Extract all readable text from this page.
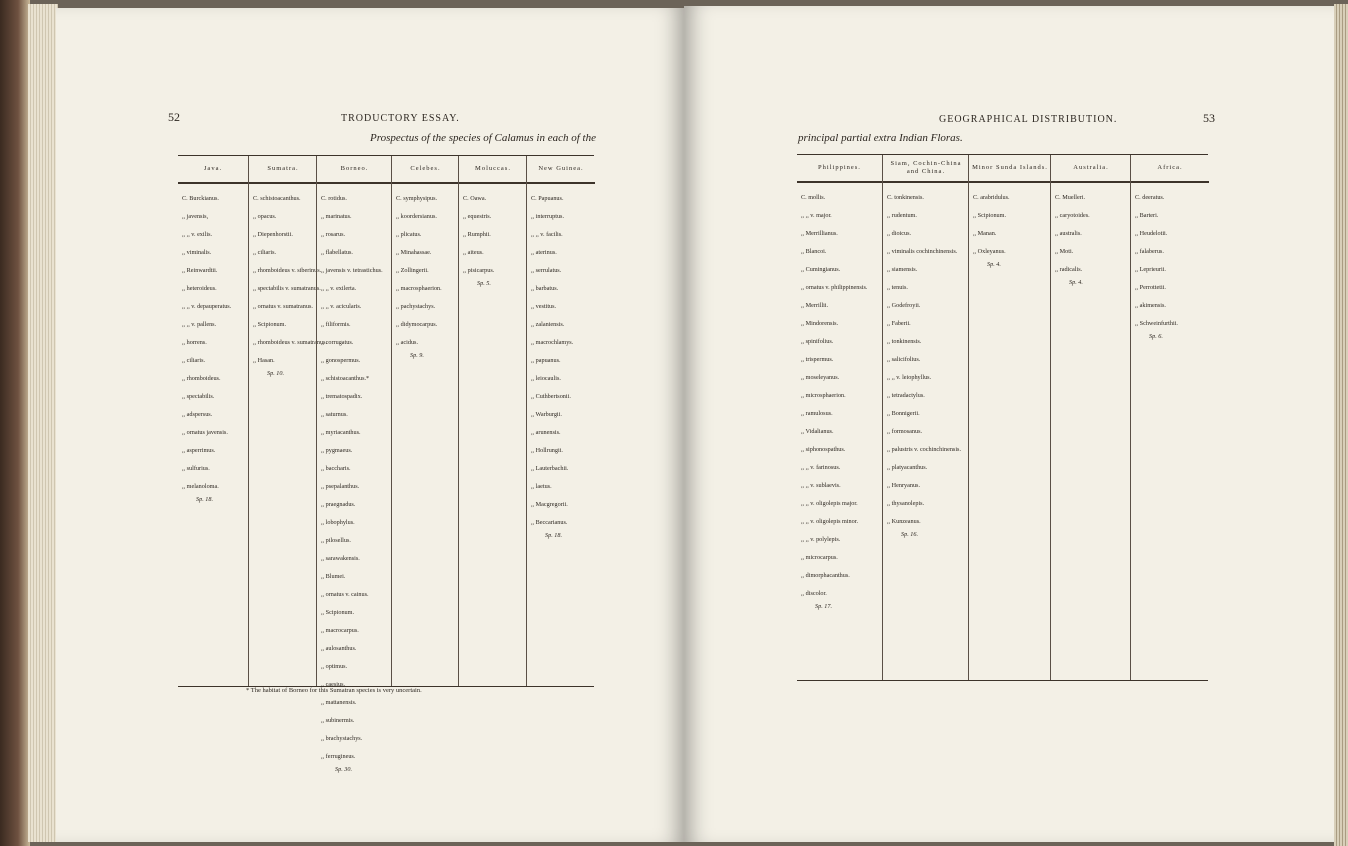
52	TRODUCTORY ESSAY.
Prospectus of the species of Calamus in each of the
Java.
C. Burckianus.
,, javensis,
,, ,, v. exilis.
,, viminalis.
,, Reinwardtii.
,, heteroideus.
,, ,, v. depauperatus.
,, ,, v. pallens.
,, horrens.
,, ciliaris.
,, rhomboideus.
,, spectabilis.
,, adspersus.
,, ornatus javensis.
,, asperrimus.
,, sulfurius.
,, melanoloma.
Sp. 18.
Sumatra.
C. schistoacanthus.
,, opacus.
,, Diepenhorstii.
,, ciliaris.
,, rhomboideus v. siberinus.
,, spectabilis v. sumatranus.
,, ornatus v. sumatranus.
,, Scipionum.
,, rhomboideus v. sumatranus.
,, Hasan.
Sp. 10.
Borneo.
C. rotidus.
,, marinatus.
,, rosarus.
,, flabellatus.
,, javensis v. tetrastichus.
,, ,, v. exilerta.
,, ,, v. acicularis.
,, filiformis.
,, corrugatus.
,, gonospermus.
,, schistoacanthus.*
,, trematospadix.
,, saturnus.
,, myriacanthus.
,, pygmaeus.
,, baccharis.
,, psepalanthus.
,, praegnadus.
,, lobophylus.
,, pilosellus.
,, sarawakensis.
,, Blumei.
,, ornatus v. cainus.
,, Scipionum.
,, macrocarpus.
,, aulosanthus.
,, optimus.
,, caesius.
,, mattanensis.
,, subinermis.
,, brachystachys.
,, ferrugineus.
Sp. 30.
Celebes.
C. symphysipus.
,, koordersianus.
,, plicatus.
,, Minahassae.
,, Zollingerii.
,, macrosphaerion.
,, pachystachys.
,, didymocarpus.
,, acidus.
Sp. 9.
Moluccas.
C. Oawa.
,, equestris.
,, Rumphii.
,, aiteus.
,, pisicarpus.
Sp. 5.
New Guinea.
C. Papuanus.
,, interruptus.
,, ,, v. facilis.
,, aterinus.
,, serrulatus.
,, barbatus.
,, vestitus.
,, zalaniensis.
,, macrochlamys.
,, papuanus.
,, leiocaulis.
,, Cuthbertsonii.
,, Warburgii.
,, arunensis.
,, Hollrungii.
,, Lauterbachii.
,, laetus.
,, Macgregorii.
,, Beccarianus.
Sp. 18.
* The habitat of Borneo for this Sumatran species is very uncertain.
GEOGRAPHICAL DISTRIBUTION.	53
principal partial extra Indian Floras.
Philippines.
C. mollis.
,, ,, v. major.
,, Merrillianus.
,, Blancoi.
,, Cumingianus.
,, ornatus v. philippinensis.
,, Merrillii.
,, Mindorensis.
,, spinifolius.
,, trispermus.
,, moseleyanus.
,, microsphaerion.
,, ramulosus.
,, Vidalianus.
,, siphonospathus.
,, ,, v. farinosus.
,, ,, v. sublaevis.
,, ,, v. oligolepis major.
,, ,, v. oligolepis minor.
,, ,, v. polylepis.
,, microcarpus.
,, dimorphacanthus.
,, discolor.
Sp. 17.
Siam, Cochin-China and China.
C. tonkinensis.
,, rudentum.
,, dioicus.
,, viminalis cochinchinensis.
,, siamensis.
,, tenuis.
,, Godefroyii.
,, Faberii.
,, tonkinensis.
,, salicifolius.
,, ,, v. leiophyllus.
,, tetradactylus.
,, Bonnigerii.
,, formosanus.
,, palustris v. cochinchinensis.
,, platyacanthus.
,, Henryanus.
,, thysanolepis.
,, Kunzeanus.
Sp. 16.
Minor Sunda Islands.
C. arabridulus.
,, Scipionum.
,, Manan.
,, Oxleyanus.
Sp. 4.
Australia.
C. Muelleri.
,, caryotoides.
,, australis.
,, Moti.
,, radicalis.
Sp. 4.
Africa.
C. deeratus.
,, Barteri.
,, Heudelotii.
,, falaberus.
,, Leprieurii.
,, Perrottetii.
,, akimensis.
,, Schweinfurthii.
Sp. 6.
